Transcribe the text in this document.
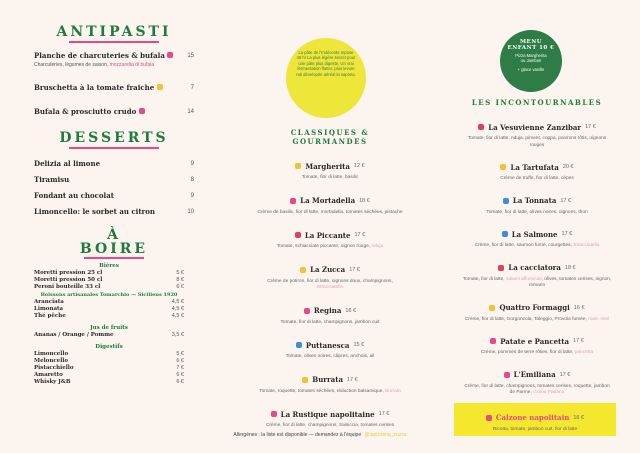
ANTIPASTI
Planche de charcuteries & bufala	15
Charcuteries, légumes de saison, mozzarella di bufala
Bruschetta à la tomate fraiche	7
Bufala & prosciutto crudo	14
DESSERTS
Delizia al limone	9
Tiramisu	8
Fondant au chocolat	9
Limoncello: le sorbet au citron	10
À
BOIRE
Bières
Moretti pression 25 cl	5 €
Moretti pression 50 cl	8 €
Peroni bouteille 33 cl	6 €
Boissons artisanales Tomarchio — Siciliens 1920
Aranciata	4,5 €
Limonata	4,5 €
Thé pêche	4,5 €
Jus de fruits
Ananas / Orange / Pomme	3,5 €
Digestifs
Limoncello	5 €
Meloncello	6 €
Pistacchiello	7 €
Amaretto	6 €
Whisky J&B	6 €
La pâte de l'Indécente repose 48 h! La plus légère secret pour une pâte plus digeste. Un vrai fermentation flatter, plus levure ruti dévelopée aéréal la saporia.
MENU
ENFANT 10 €
Pizza Margherita
ou Jambon
+ glace vanille
CLASSIQUES & GOURMANDES
Margherita 12 €
Tomate, fior di latte, basilic
La Mortadella 18 €
Crème de basilic, fior di latte, mortadella, tomates séchées, pistache
La Piccante 17 €
Tomate, schiacciate piccante, oignon rouge, nduja
La Zucca 17 €
Crème de potiron, fior di latte, oignons doux, champignons, Stracciatella
Regina 16 €
Tomate, fior di latte, champignons, jambon cuit
Puttanesca 15 €
Tomate, olives noires, câpres, anchois, ail
Burrata 17 €
Tomate, roquette, tomates séchées, réduction balsamique, Burrata
La Rustique napolitaine 17 €
Crème, fior di latte, champignons, Salsiccia, tomates cerises
LES INCONTOURNABLES
La Vesuvienne Zanzibar 17 €
Tomate, fior di latte, nduja, piment, coppa, poivrons rôtis, oignons rouges
La Tartufata 20 €
Crème de truffe, fior di latte, cèpes
La Tonnata 17 €
Tomate, fior di latte, olives noires, oignons, thon
La Salmone 17 €
Crème, fior di latte, saumon fumé, courgettes, Stracciatella
La cacciatora 18 €
Tomate, fior di latte, salami affumicati, olives, tomates cerises, oignon, romarin
Quattro Formaggi 16 €
Crème, fior di latte, Gorgonzola, Taleggio, Provola fumée, roaé, miel
Patate e Pancetta 17 €
Crème, pommes de terre rôties, fior di latte, pancetta
L'Emiliana 17 €
Crème, fior di latte, champignons, tomates cerises, roquette, jambon de Parme, Grana Padano
Calzone napolitain 16 €
Ricotta, tomate, jambon cuit, fior di latte
Allergènes : la liste est disponible — demandez à l'équipe @lapizzeria_zuzzu
